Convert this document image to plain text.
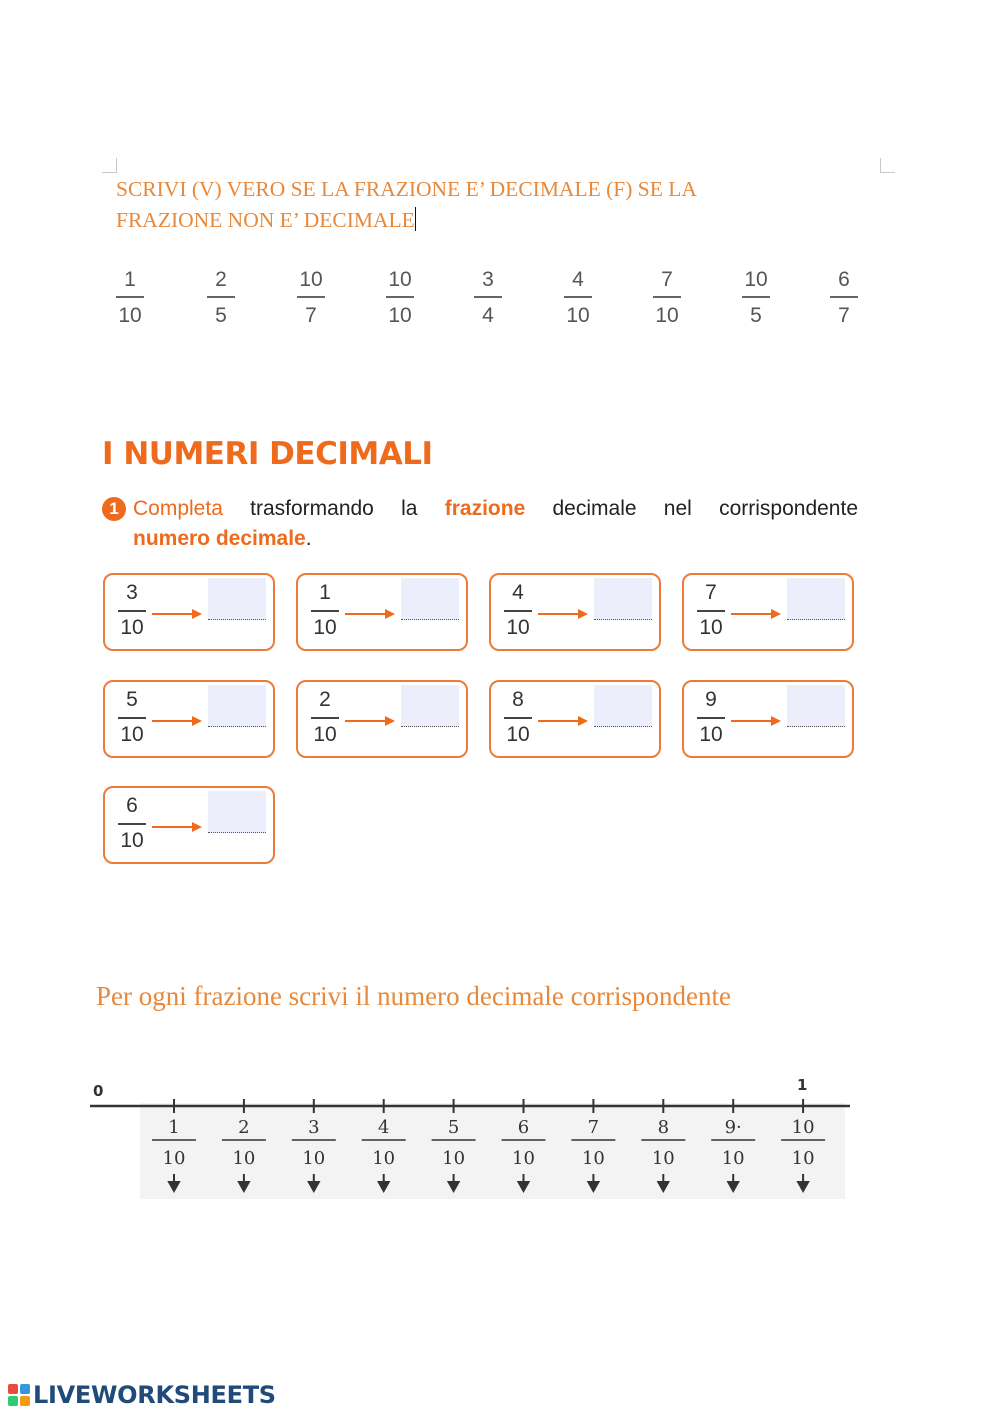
SCRIVI (V) VERO SE LA FRAZIONE E’ DECIMALE (F) SE LA
FRAZIONE NON E’ DECIMALE
1
10
2
5
10
7
10
10
3
4
4
10
7
10
10
5
6
7
I NUMERI DECIMALI
1 Completa trasformando la frazione decimale nel corrispondente
numero decimale.
3
10
1
10
4
10
7
10
5
10
2
10
8
10
9
10
6
10
Per ogni frazione scrivi il numero decimale corrispondente
0	1
1
10
2
10
3
10
4
10
5
10
6
10
7
10
8
10
9·
10
10
10
LIVEWORKSHEETS
